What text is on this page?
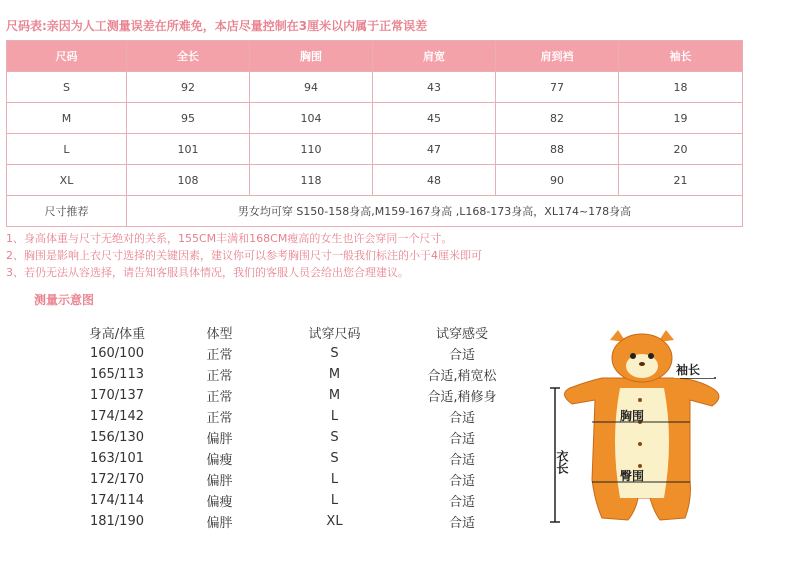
尺码表:亲因为人工测量误差在所难免，本店尽量控制在3厘米以内属于正常误差
尺码	全长	胸围	肩宽	肩到裆	袖长
S	92	94	43	77	18
M	95	104	45	82	19
L	101	110	47	88	20
XL	108	118	48	90	21
尺寸推荐	男女均可穿 S150-158身高,M159-167身高 ,L168-173身高，XL174~178身高				
1、身高体重与尺寸无绝对的关系，155CM丰满和168CM瘦高的女生也许会穿同一个尺寸。
2、胸围是影响上衣尺寸选择的关键因素，建议你可以参考胸围尺寸一般我们标注的小于4厘米即可
3、若仍无法从容选择，请告知客服具体情况，我们的客服人员会给出您合理建议。
测量示意图
身高/体重	体型	试穿尺码	试穿感受
160/100	正常	S	合适
165/113	正常	M	合适,稍宽松
170/137	正常	M	合适,稍修身
174/142	正常	L	合适
156/130	偏胖	S	合适
163/101	偏瘦	S	合适
172/170	偏胖	L	合适
174/114	偏瘦	L	合适
181/190	偏胖	XL	合适
衣长
袖长
胸围
臀围
